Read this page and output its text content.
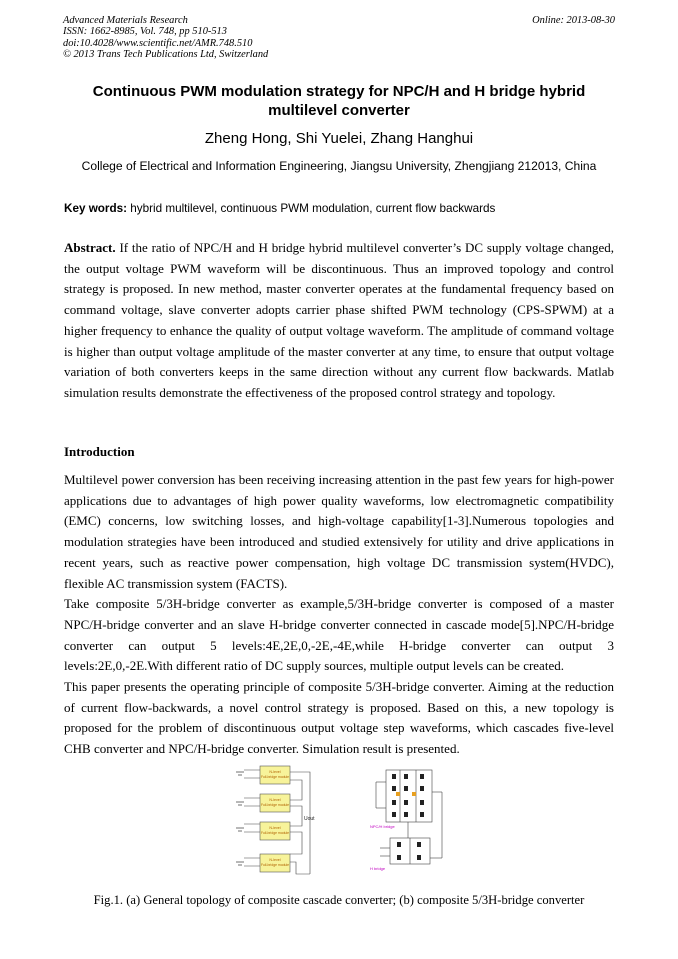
Advanced Materials Research
ISSN: 1662-8985, Vol. 748, pp 510-513
doi:10.4028/www.scientific.net/AMR.748.510
© 2013 Trans Tech Publications Ltd, Switzerland
Online: 2013-08-30
Continuous PWM modulation strategy for NPC/H and H bridge hybrid multilevel converter
Zheng Hong, Shi Yuelei, Zhang Hanghui
College of Electrical and Information Engineering, Jiangsu University, Zhengjiang 212013, China
Key words: hybrid multilevel, continuous PWM modulation, current flow backwards
Abstract. If the ratio of NPC/H and H bridge hybrid multilevel converter’s DC supply voltage changed, the output voltage PWM waveform will be discontinuous. Thus an improved topology and control strategy is proposed. In new method, master converter operates at the fundamental frequency based on command voltage, slave converter adopts carrier phase shifted PWM technology (CPS-SPWM) at a higher frequency to enhance the quality of output voltage waveform. The amplitude of command voltage is higher than output voltage amplitude of the master converter at any time, to ensure that output voltage variation of both converters keeps in the same direction without any current flow backwards. Matlab simulation results demonstrate the effectiveness of the proposed control strategy and topology.
Introduction

Multilevel power conversion has been receiving increasing attention in the past few years for high-power applications due to advantages of high power quality waveforms, low electromagnetic compatibility (EMC) concerns, low switching losses, and high-voltage capability[1-3].Numerous topologies and modulation strategies have been introduced and studied extensively for utility and drive applications in recent years, such as reactive power compensation, high voltage DC transmission system(HVDC), flexible AC transmission system (FACTS).

Take composite 5/3H-bridge converter as example,5/3H-bridge converter is composed of a master NPC/H-bridge converter and an slave H-bridge converter connected in cascade mode[5].NPC/H-bridge converter can output 5 levels:4E,2E,0,-2E,-4E,while H-bridge converter can output 3 levels:2E,0,-2E.With different ratio of DC supply sources, multiple output levels can be created.

This paper presents the operating principle of composite 5/3H-bridge converter. Aiming at the reduction of current flow-backwards, a novel control strategy is proposed. Based on this, a new topology is proposed for the problem of discontinuous output voltage step waveforms, which cascades five-level CHB converter and NPC/H-bridge converter. Simulation result is presented.

N-level
Full-bridge module
N-level
Full-bridge module
N-level
Full-bridge module
N-level
Full-bridge module
Uout
NPC/H bridge
H bridge
Fig.1. (a) General topology of composite cascade converter; (b) composite 5/3H-bridge converter
